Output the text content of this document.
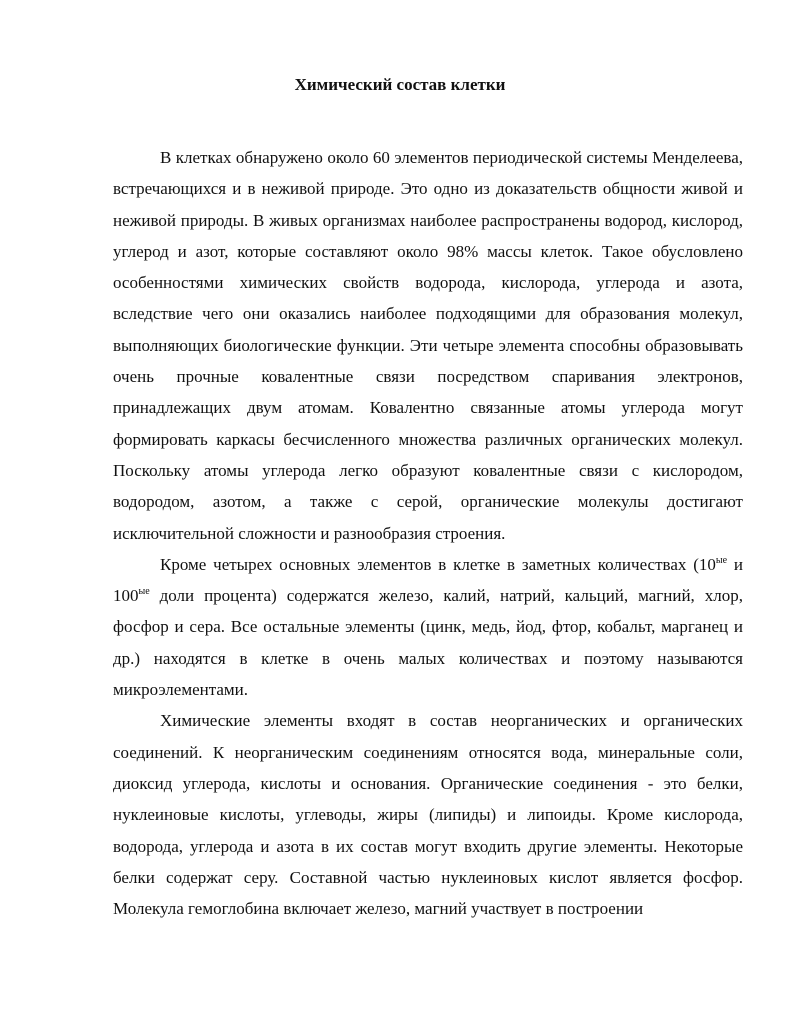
Химический состав клетки

В клетках обнаружено около 60 элементов периодической системы Менделеева, встречающихся и в неживой природе. Это одно из доказательств общности живой и неживой природы. В живых организмах наиболее распространены водород, кислород, углерод и азот, которые составляют около 98% массы клеток. Такое обусловлено особенностями химических свойств водорода, кислорода, углерода и азота, вследствие чего они оказались наиболее подходящими для образования молекул, выполняющих биологические функции. Эти четыре элемента способны образовывать очень прочные ковалентные связи посредством спаривания электронов, принадлежащих двум атомам. Ковалентно связанные атомы углерода могут формировать каркасы бесчисленного множества различных органических молекул. Поскольку атомы углерода легко образуют ковалентные связи с кислородом, водородом, азотом, а также с серой, органические молекулы достигают исключительной сложности и разнообразия строения.

Кроме четырех основных элементов в клетке в заметных количествах ($10^{ые}$ и $100^{ые}$ доли процента) содержатся железо, калий, натрий, кальций, магний, хлор, фосфор и сера. Все остальные элементы (цинк, медь, йод, фтор, кобальт, марганец и др.) находятся в клетке в очень малых количествах и поэтому называются микроэлементами.

Химические элементы входят в состав неорганических и органических соединений. К неорганическим соединениям относятся вода, минеральные соли, диоксид углерода, кислоты и основания. Органические соединения - это белки, нуклеиновые кислоты, углеводы, жиры (липиды) и липоиды. Кроме кислорода, водорода, углерода и азота в их состав могут входить другие элементы. Некоторые белки содержат серу. Составной частью нуклеиновых кислот является фосфор. Молекула гемоглобина включает железо, магний участвует в построении
